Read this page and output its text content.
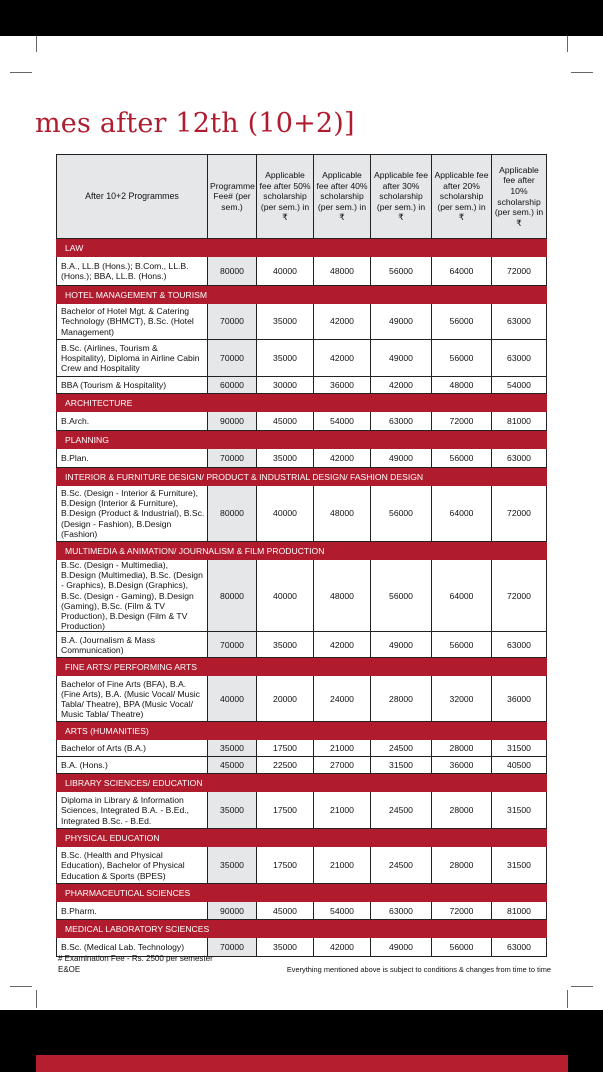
mes after 12th (10+2)]
After 10+2 Programmes	Programme Fee# (per sem.)	Applicable fee after 50% scholarship (per sem.) in ₹	Applicable fee after 40% scholarship (per sem.) in ₹	Applicable fee after 30% scholarship (per sem.) in ₹	Applicable fee after 20% scholarship (per sem.) in ₹	Applicable fee after 10% scholarship (per sem.) in ₹
LAW						
B.A., LL.B (Hons.); B.Com., LL.B. (Hons.); BBA, LL.B. (Hons.)	80000	40000	48000	56000	64000	72000
HOTEL MANAGEMENT & TOURISM						
Bachelor of Hotel Mgt. & Catering Technology (BHMCT), B.Sc. (Hotel Management)	70000	35000	42000	49000	56000	63000
B.Sc. (Airlines, Tourism & Hospitality), Diploma in Airline Cabin Crew and Hospitality	70000	35000	42000	49000	56000	63000
BBA (Tourism & Hospitality)	60000	30000	36000	42000	48000	54000
ARCHITECTURE						
B.Arch.	90000	45000	54000	63000	72000	81000
PLANNING						
B.Plan.	70000	35000	42000	49000	56000	63000
INTERIOR & FURNITURE DESIGN/ PRODUCT & INDUSTRIAL DESIGN/ FASHION DESIGN						
B.Sc. (Design - Interior & Furniture), B.Design (Interior & Furniture), B.Design (Product & Industrial), B.Sc. (Design - Fashion), B.Design (Fashion)	80000	40000	48000	56000	64000	72000
MULTIMEDIA & ANIMATION/ JOURNALISM & FILM PRODUCTION						
B.Sc. (Design - Multimedia), B.Design (Multimedia), B.Sc. (Design - Graphics), B.Design (Graphics), B.Sc. (Design - Gaming), B.Design (Gaming), B.Sc. (Film & TV Production), B.Design (Film & TV Production)	80000	40000	48000	56000	64000	72000
B.A. (Journalism & Mass Communication)	70000	35000	42000	49000	56000	63000
FINE ARTS/ PERFORMING ARTS						
Bachelor of Fine Arts (BFA), B.A. (Fine Arts), B.A. (Music Vocal/ Music Tabla/ Theatre), BPA (Music Vocal/ Music Tabla/ Theatre)	40000	20000	24000	28000	32000	36000
ARTS (HUMANITIES)						
Bachelor of Arts (B.A.)	35000	17500	21000	24500	28000	31500
B.A. (Hons.)	45000	22500	27000	31500	36000	40500
LIBRARY SCIENCES/ EDUCATION						
Diploma in Library & Information Sciences, Integrated B.A. - B.Ed., Integrated B.Sc. - B.Ed.	35000	17500	21000	24500	28000	31500
PHYSICAL EDUCATION						
B.Sc. (Health and Physical Education), Bachelor of Physical Education & Sports (BPES)	35000	17500	21000	24500	28000	31500
PHARMACEUTICAL SCIENCES						
B.Pharm.	90000	45000	54000	63000	72000	81000
MEDICAL LABORATORY SCIENCES						
B.Sc. (Medical Lab. Technology)	70000	35000	42000	49000	56000	63000
# Examination Fee - Rs. 2500 per semester
E&OE	Everything mentioned above is subject to conditions & changes from time to time
